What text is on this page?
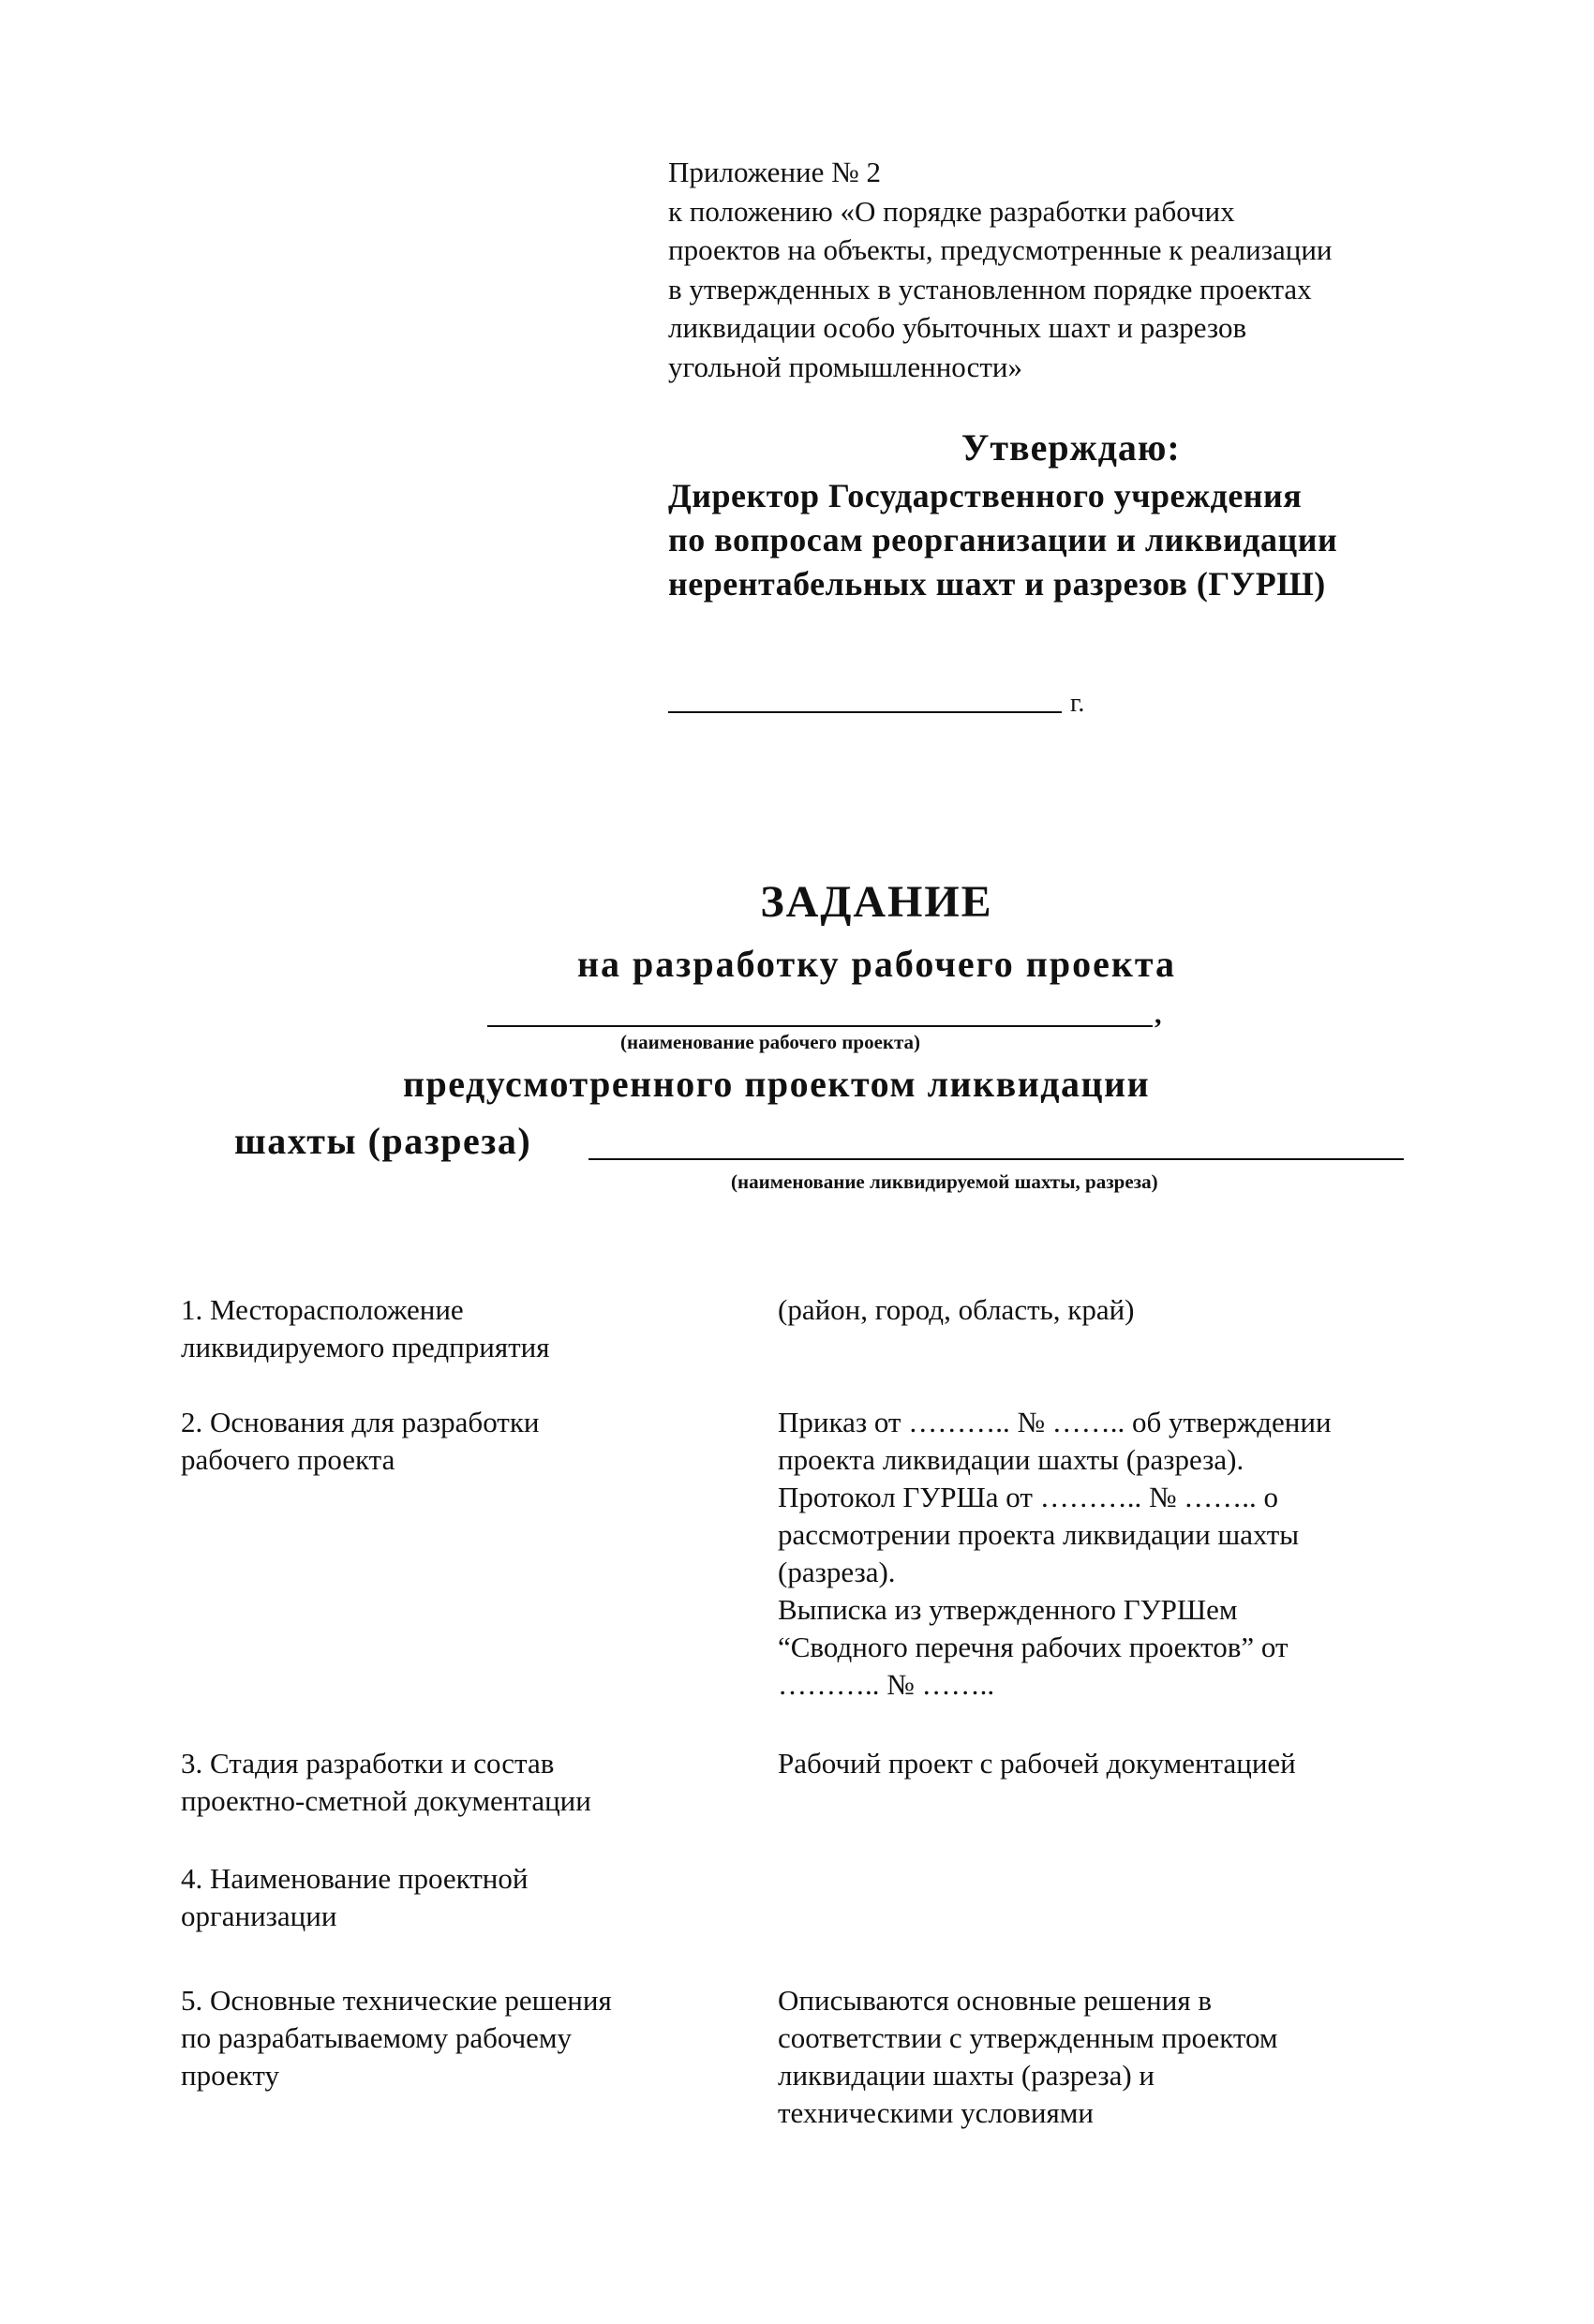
Приложение № 2
к положению «О порядке разработки рабочих
проектов на объекты, предусмотренные к реализации
в утвержденных в установленном порядке проектах
ликвидации особо убыточных шахт и разрезов
угольной промышленности»
Утверждаю:
Директор Государственного учреждения
по вопросам реорганизации и ликвидации
нерентабельных шахт и разрезов (ГУРШ)
г.
ЗАДАНИЕ
на разработку рабочего проекта
,
(наименование рабочего проекта)
предусмотренного проектом ликвидации
шахты (разреза)
(наименование ликвидируемой шахты, разреза)
1. Месторасположение
ликвидируемого предприятия
(район, город, область, край)
2. Основания для разработки
рабочего проекта
Приказ от ……….. № …….. об утверждении
проекта ликвидации шахты (разреза).
Протокол ГУРШа от ……….. № …….. о
рассмотрении проекта ликвидации шахты
(разреза).
Выписка из утвержденного ГУРШем
“Сводного перечня рабочих проектов” от
……….. № ……..
3. Стадия разработки и состав
проектно-сметной документации
Рабочий проект с рабочей документацией
4. Наименование проектной
организации
5. Основные технические решения
по разрабатываемому рабочему
проекту
Описываются основные решения в
соответствии с утвержденным проектом
ликвидации шахты (разреза) и
техническими условиями
